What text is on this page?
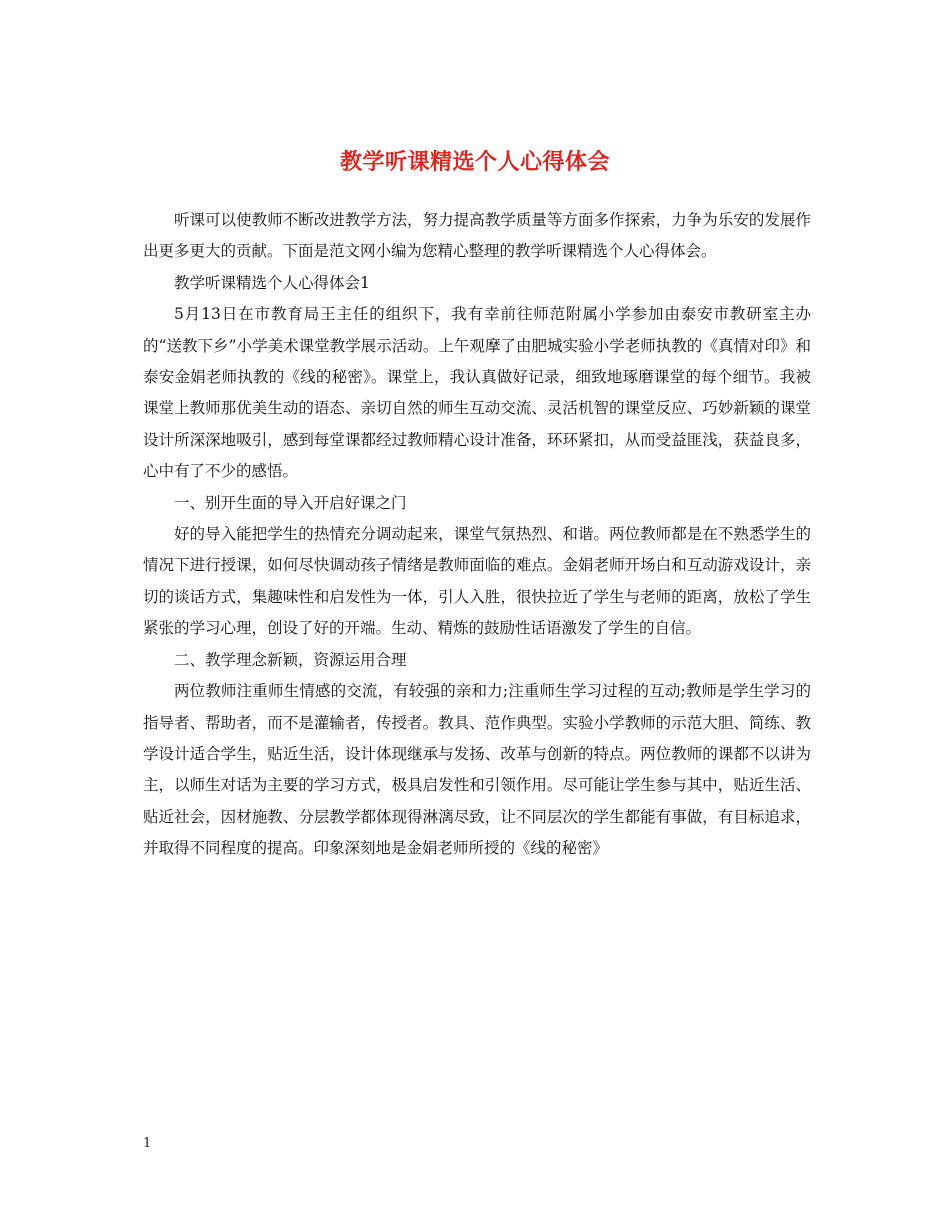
教学听课精选个人心得体会

听课可以使教师不断改进教学方法，努力提高教学质量等方面多作探索，力争为乐安的发展作出更多更大的贡献。下面是范文网小编为您精心整理的教学听课精选个人心得体会。

教学听课精选个人心得体会1

5月13日在市教育局王主任的组织下，我有幸前往师范附属小学参加由泰安市教研室主办的“送教下乡”小学美术课堂教学展示活动。上午观摩了由肥城实验小学老师执教的《真情对印》和泰安金娟老师执教的《线的秘密》。课堂上，我认真做好记录，细致地琢磨课堂的每个细节。我被课堂上教师那优美生动的语态、亲切自然的师生互动交流、灵活机智的课堂反应、巧妙新颖的课堂设计所深深地吸引，感到每堂课都经过教师精心设计准备，环环紧扣，从而受益匪浅，获益良多，心中有了不少的感悟。

一、别开生面的导入开启好课之门

好的导入能把学生的热情充分调动起来，课堂气氛热烈、和谐。两位教师都是在不熟悉学生的情况下进行授课，如何尽快调动孩子情绪是教师面临的难点。金娟老师开场白和互动游戏设计，亲切的谈话方式，集趣味性和启发性为一体，引人入胜，很快拉近了学生与老师的距离，放松了学生紧张的学习心理，创设了好的开端。生动、精炼的鼓励性话语激发了学生的自信。

二、教学理念新颖，资源运用合理

两位教师注重师生情感的交流，有较强的亲和力;注重师生学习过程的互动;教师是学生学习的指导者、帮助者，而不是灌输者，传授者。教具、范作典型。实验小学教师的示范大胆、简练、教学设计适合学生，贴近生活，设计体现继承与发扬、改革与创新的特点。两位教师的课都不以讲为主，以师生对话为主要的学习方式，极具启发性和引领作用。尽可能让学生参与其中，贴近生活、贴近社会，因材施教、分层教学都体现得淋漓尽致，让不同层次的学生都能有事做，有目标追求，并取得不同程度的提高。印象深刻地是金娟老师所授的《线的秘密》

1
